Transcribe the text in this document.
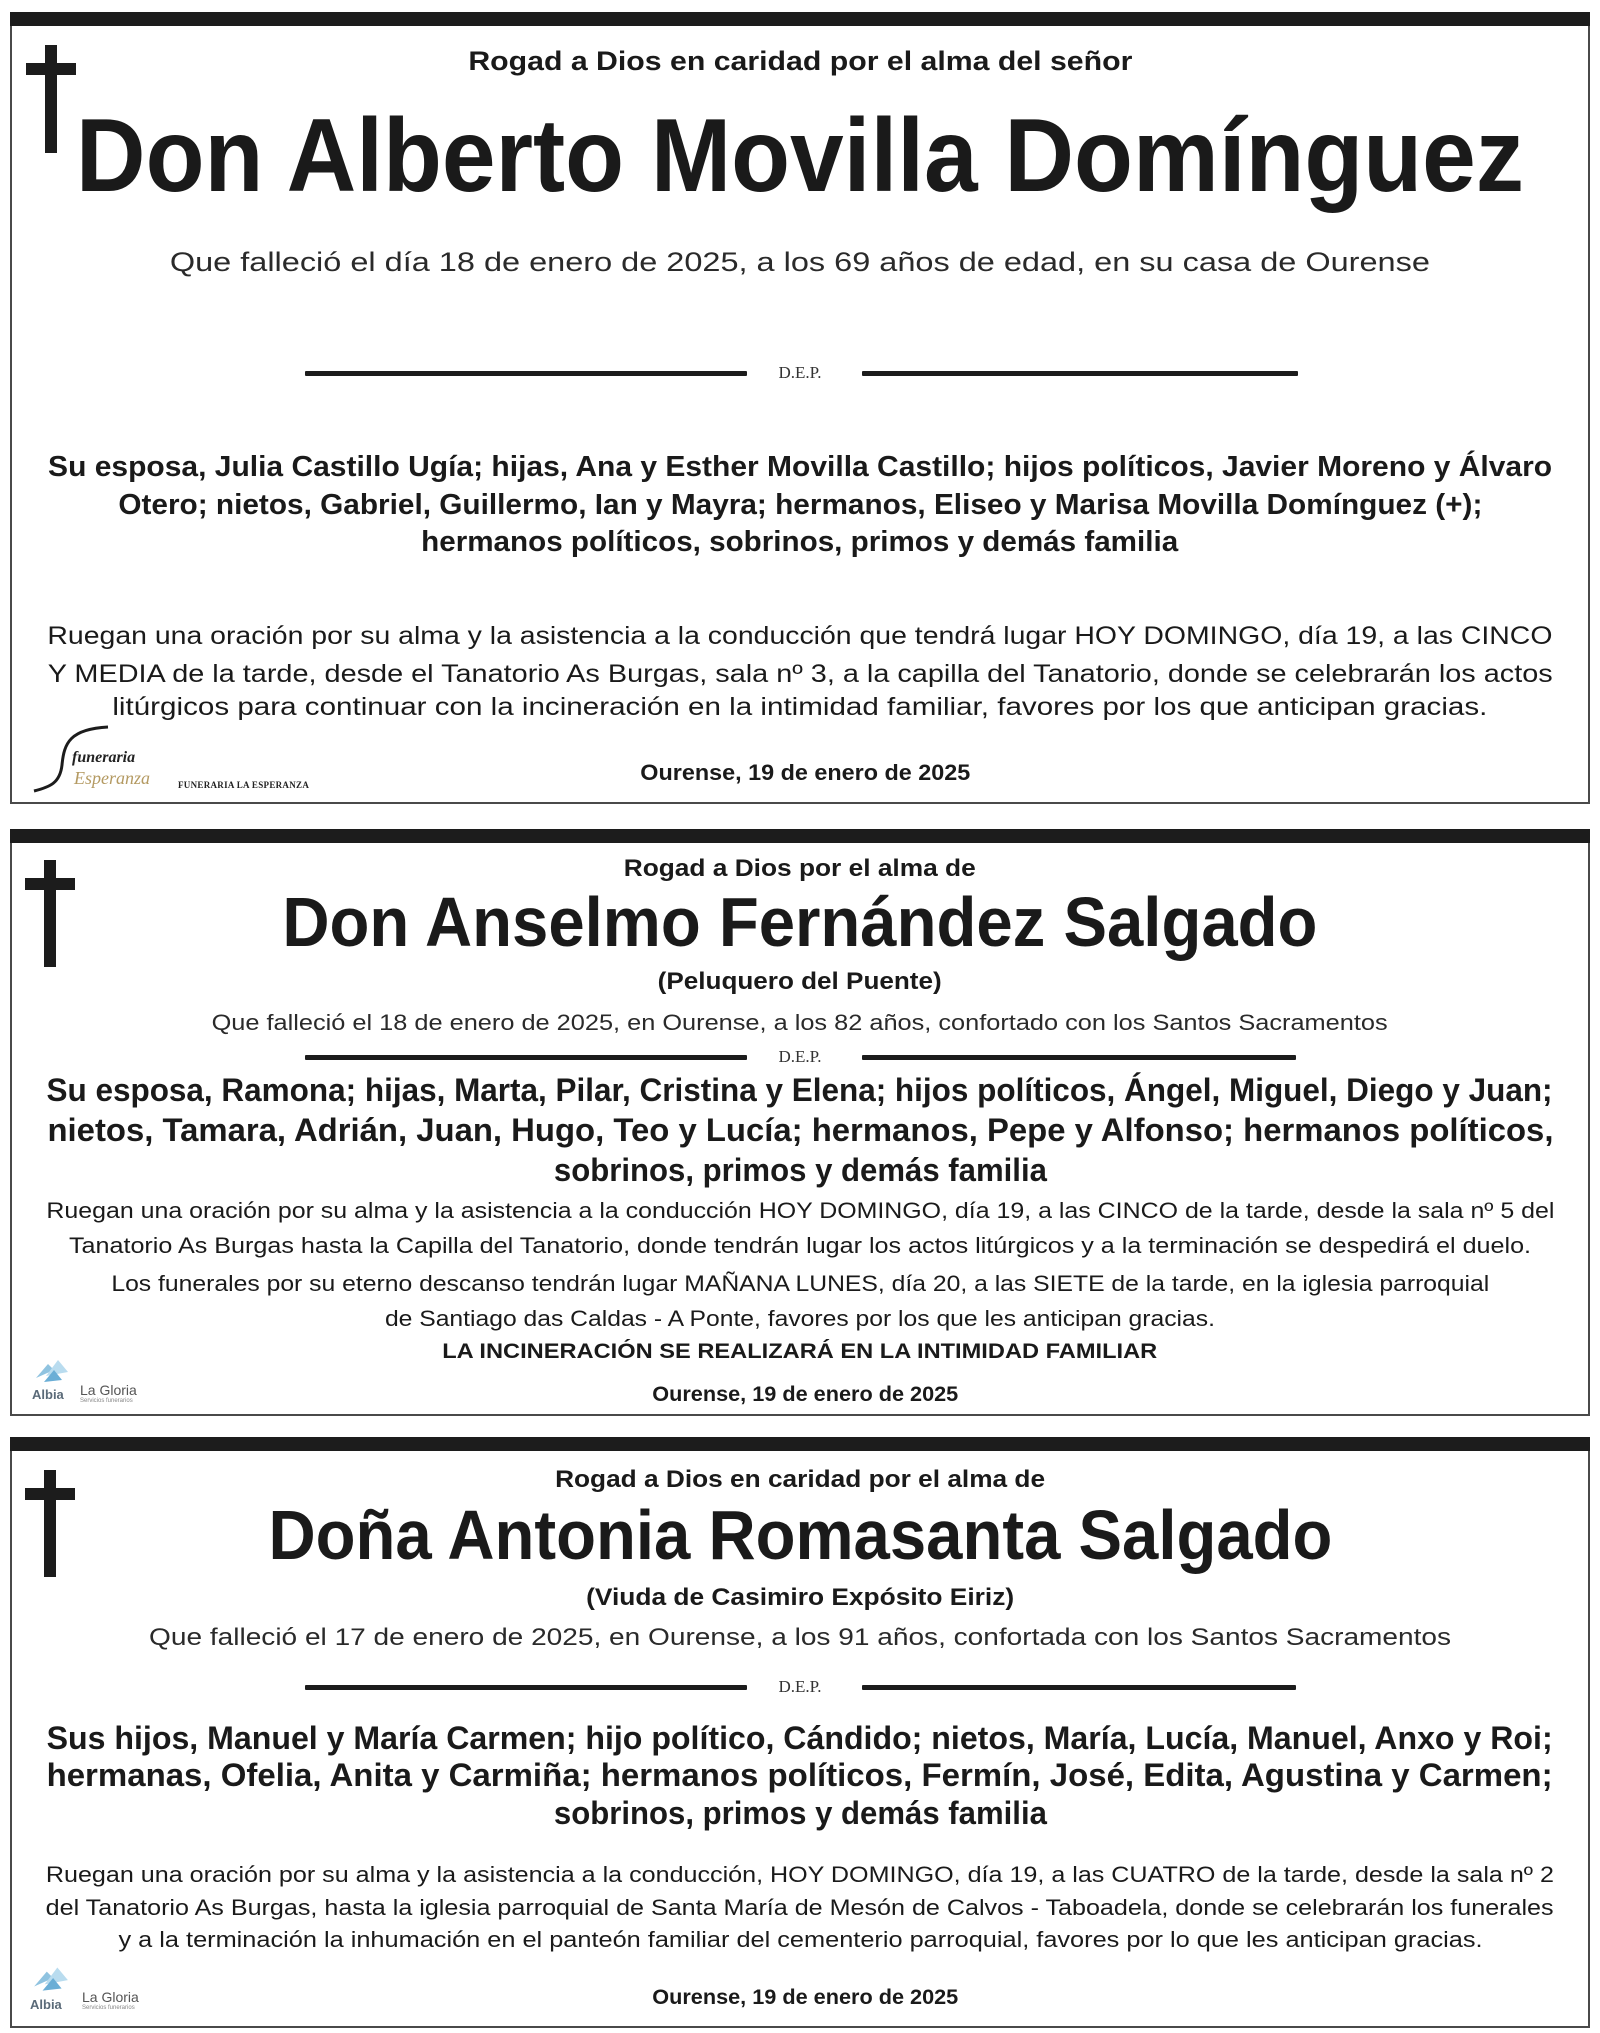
Rogad a Dios en caridad por el alma del señor
Don Alberto Movilla Domínguez
Que falleció el día 18 de enero de 2025, a los 69 años de edad, en su casa de Ourense
D.E.P.
Su esposa, Julia Castillo Ugía; hijas, Ana y Esther Movilla Castillo; hijos políticos, Javier Moreno y Álvaro
Otero; nietos, Gabriel, Guillermo, Ian y Mayra; hermanos, Eliseo y Marisa Movilla Domínguez (+);
hermanos políticos, sobrinos, primos y demás familia
Ruegan una oración por su alma y la asistencia a la conducción que tendrá lugar HOY DOMINGO, día 19, a las CINCO
Y MEDIA de la tarde, desde el Tanatorio As Burgas, sala nº 3, a la capilla del Tanatorio, donde se celebrarán los actos
litúrgicos para continuar con la incineración en la intimidad familiar, favores por los que anticipan gracias.
Ourense, 19 de enero de 2025
funeraria
Esperanza	FUNERARIA LA ESPERANZA
Rogad a Dios por el alma de
Don Anselmo Fernández Salgado
(Peluquero del Puente)
Que falleció el 18 de enero de 2025, en Ourense, a los 82 años, confortado con los Santos Sacramentos
D.E.P.
Su esposa, Ramona; hijas, Marta, Pilar, Cristina y Elena; hijos políticos, Ángel, Miguel, Diego y Juan;
nietos, Tamara, Adrián, Juan, Hugo, Teo y Lucía; hermanos, Pepe y Alfonso; hermanos políticos,
sobrinos, primos y demás familia
Ruegan una oración por su alma y la asistencia a la conducción HOY DOMINGO, día 19, a las CINCO de la tarde, desde la sala nº 5 del
Tanatorio As Burgas hasta la Capilla del Tanatorio, donde tendrán lugar los actos litúrgicos y a la terminación se despedirá el duelo.
Los funerales por su eterno descanso tendrán lugar MAÑANA LUNES, día 20, a las SIETE de la tarde, en la iglesia parroquial
de Santiago das Caldas - A Ponte, favores por los que les anticipan gracias.
LA INCINERACIÓN SE REALIZARÁ EN LA INTIMIDAD FAMILIAR
Ourense, 19 de enero de 2025
Albia La Gloria
Servicios funerarios
Rogad a Dios en caridad por el alma de
Doña Antonia Romasanta Salgado
(Viuda de Casimiro Expósito Eiriz)
Que falleció el 17 de enero de 2025, en Ourense, a los 91 años, confortada con los Santos Sacramentos
D.E.P.
Sus hijos, Manuel y María Carmen; hijo político, Cándido; nietos, María, Lucía, Manuel, Anxo y Roi;
hermanas, Ofelia, Anita y Carmiña; hermanos políticos, Fermín, José, Edita, Agustina y Carmen;
sobrinos, primos y demás familia
Ruegan una oración por su alma y la asistencia a la conducción, HOY DOMINGO, día 19, a las CUATRO de la tarde, desde la sala nº 2
del Tanatorio As Burgas, hasta la iglesia parroquial de Santa María de Mesón de Calvos - Taboadela, donde se celebrarán los funerales
y a la terminación la inhumación en el panteón familiar del cementerio parroquial, favores por lo que les anticipan gracias.
Ourense, 19 de enero de 2025
Albia La Gloria
Servicios funerarios
